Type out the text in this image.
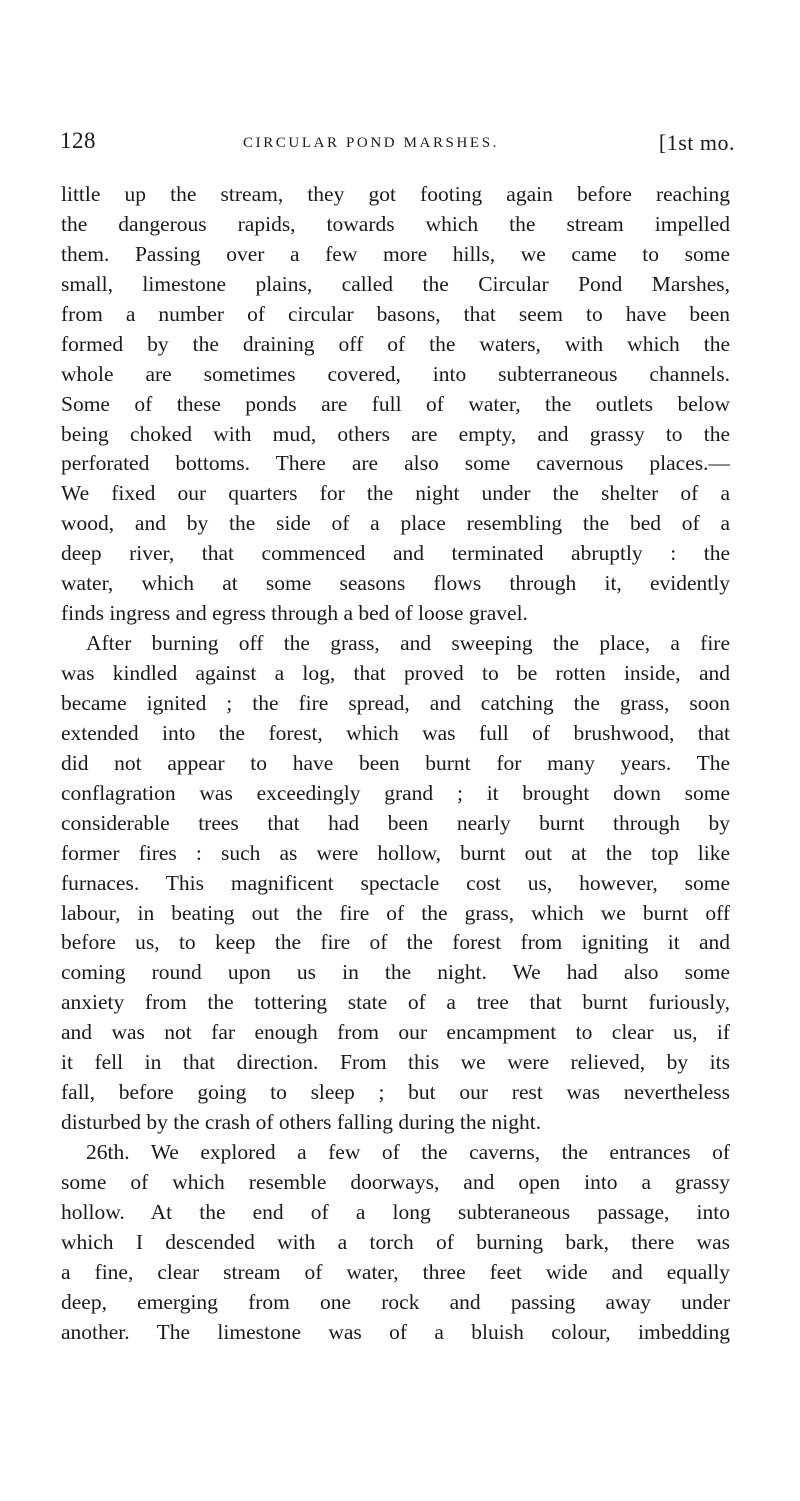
128	CIRCULAR POND MARSHES.	[1st mo.
little up the stream, they got footing again before reaching
the dangerous rapids, towards which the stream impelled
them. Passing over a few more hills, we came to some
small, limestone plains, called the Circular Pond Marshes,
from a number of circular basons, that seem to have been
formed by the draining off of the waters, with which the
whole are sometimes covered, into subterraneous channels.
Some of these ponds are full of water, the outlets below
being choked with mud, others are empty, and grassy to the
perforated bottoms. There are also some cavernous places.—
We fixed our quarters for the night under the shelter of a
wood, and by the side of a place resembling the bed of a
deep river, that commenced and terminated abruptly : the
water, which at some seasons flows through it, evidently
finds ingress and egress through a bed of loose gravel.
After burning off the grass, and sweeping the place, a fire
was kindled against a log, that proved to be rotten inside, and
became ignited ; the fire spread, and catching the grass, soon
extended into the forest, which was full of brushwood, that
did not appear to have been burnt for many years. The
conflagration was exceedingly grand ; it brought down some
considerable trees that had been nearly burnt through by
former fires : such as were hollow, burnt out at the top like
furnaces. This magnificent spectacle cost us, however, some
labour, in beating out the fire of the grass, which we burnt off
before us, to keep the fire of the forest from igniting it and
coming round upon us in the night. We had also some
anxiety from the tottering state of a tree that burnt furiously,
and was not far enough from our encampment to clear us, if
it fell in that direction. From this we were relieved, by its
fall, before going to sleep ; but our rest was nevertheless
disturbed by the crash of others falling during the night.
26th. We explored a few of the caverns, the entrances of
some of which resemble doorways, and open into a grassy
hollow. At the end of a long subteraneous passage, into
which I descended with a torch of burning bark, there was
a fine, clear stream of water, three feet wide and equally
deep, emerging from one rock and passing away under
another. The limestone was of a bluish colour, imbedding
